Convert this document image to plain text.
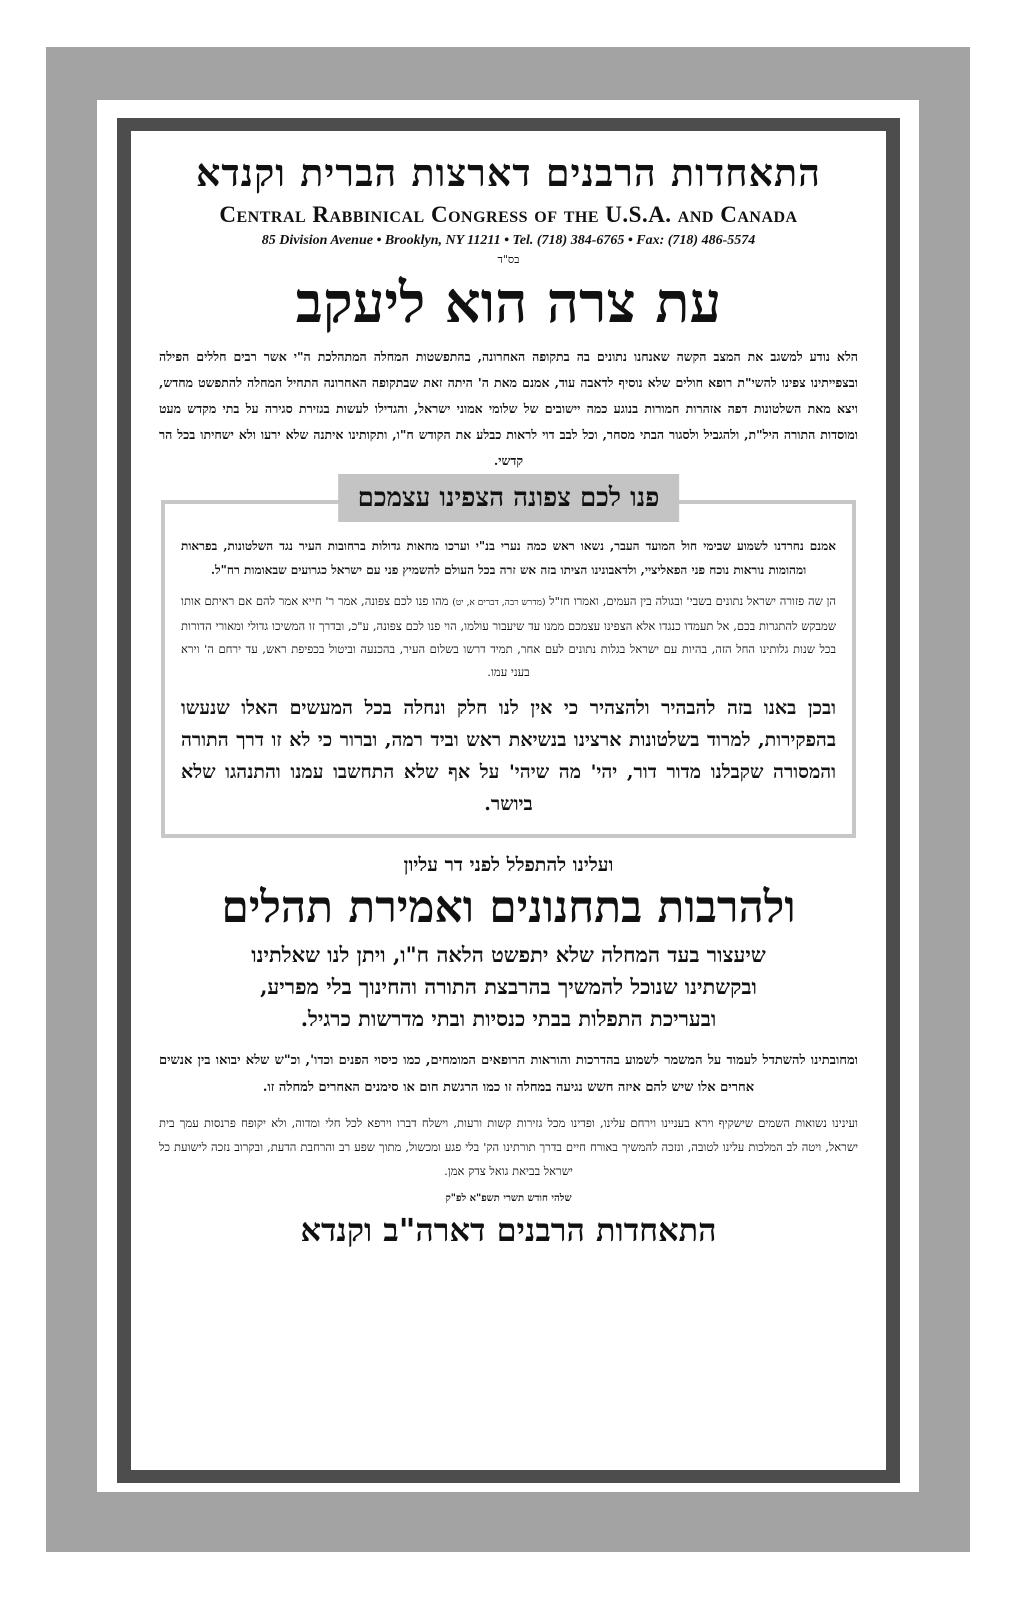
התאחדות הרבנים דארצות הברית וקנדא
Central Rabbinical Congress of the U.S.A. and Canada
85 Division Avenue • Brooklyn, NY 11211 • Tel. (718) 384-6765 • Fax: (718) 486-5574
בס"ד
עת צרה הוא ליעקב

הלא נודע למשגב את המצב הקשה שאנחנו נתונים בה בתקופה האחרונה, בהתפשטות המחלה המתהלכת ה"י אשר רבים חללים הפילה ובצפייתינו צפינו להשי"ת רופא חולים שלא נוסיף לדאבה עוד, אמנם מאת ה' היתה זאת שבתקופה האחרונה התחיל המחלה להתפשט מחדש, ויצא מאת השלטונות דפה אזהרות חמורות בנוגע כמה יישובים של שלומי אמוני ישראל, והגדילו לעשות בגזירת סגירה על בתי מקדש מעט ומוסדות התורה היל"ת, ולהגביל ולסגור הבתי מסחר, וכל לבב דוי לראות כבלע את הקודש ח"ו, ותקותינו איתנה שלא ירעו ולא ישחיתו בכל הר קדשי.

פנו לכם צפונה הצפינו עצמכם

אמנם נחרדנו לשמוע שבימי חול המועד העבר, נשאו ראש כמה נערי בנ"י וערכו מחאות גדולות ברחובות העיר נגד השלטונות, בפראות ומהומות נוראות נוכח פני הפאליציי, ולדאבונינו הציתו בזה אש זרה בכל העולם להשמיץ פני עם ישראל כגרועים שבאומות רח"ל.

הן שה פזורה ישראל נתונים בשבי' ובגולה בין העמים, ואמרו חז"ל (מדרש רבה, דברים א, יט) מהו פנו לכם צפונה, אמר ר' חייא אמר להם אם ראיתם אותו שמבקש להתגרות בכם, אל תעמדו כנגדו אלא הצפינו עצמכם ממנו עד שיעבור עולמו, הוי פנו לכם צפונה, ע"כ, ובדרך זו המשיכו גדולי ומאורי הדורות בכל שנות גלותינו החל הזה, בהיות עם ישראל בגלות נתונים לעם אחר, תמיד דרשו בשלום העיר, בהכנעה וביטול בכפיפת ראש, עד ירחם ה' וירא בעני עמו.

ובכן באנו בזה להבהיר ולהצהיר כי אין לנו חלק ונחלה בכל המעשים האלו שנעשו בהפקירות, למרוד בשלטונות ארצינו בנשיאת ראש וביד רמה, וברור כי לא זו דרך התורה והמסורה שקבלנו מדור דור, יהי' מה שיהי' על אף שלא התחשבו עמנו והתנהגו שלא ביושר.

ועלינו להתפלל לפני דר עליון
ולהרבות בתחנונים ואמירת תהלים

שיעצור בעד המחלה שלא יתפשט הלאה ח"ו, ויתן לנו שאלתינו

ובקשתינו שנוכל להמשיך בהרבצת התורה והחינוך בלי מפריע,

ובעריכת התפלות בבתי כנסיות ובתי מדרשות כרגיל.

ומחובתינו להשתדל לעמוד על המשמר לשמוע בהדרכות והוראות הרופאים המומחים, כמו כיסוי הפנים וכדו', וכ"ש שלא יבואו בין אנשים אחרים אלו שיש להם איזה חשש נגיעה במחלה זו כמו הרגשת חום או סימנים האחרים למחלה זו.

ועינינו נשואות השמים שישקיף וירא בעניינו וירחם עלינו, ופדינו מכל גזירות קשות ורעות, וישלח דברו וירפא לכל חלי ומדוה, ולא יקופח פרנסות עמך בית ישראל, ויטה לב המלכות עלינו לטובה, ונזכה להמשיך באורח חיים בדרך תורתינו הק' בלי פגע ומכשול, מתוך שפע רב והרחבת הדעת, ובקרוב נזכה לישועת כל ישראל בביאת גואל צדק אמן.

שלהי חודש תשרי תשפ"א לפ"ק
התאחדות הרבנים דארה"ב וקנדא
